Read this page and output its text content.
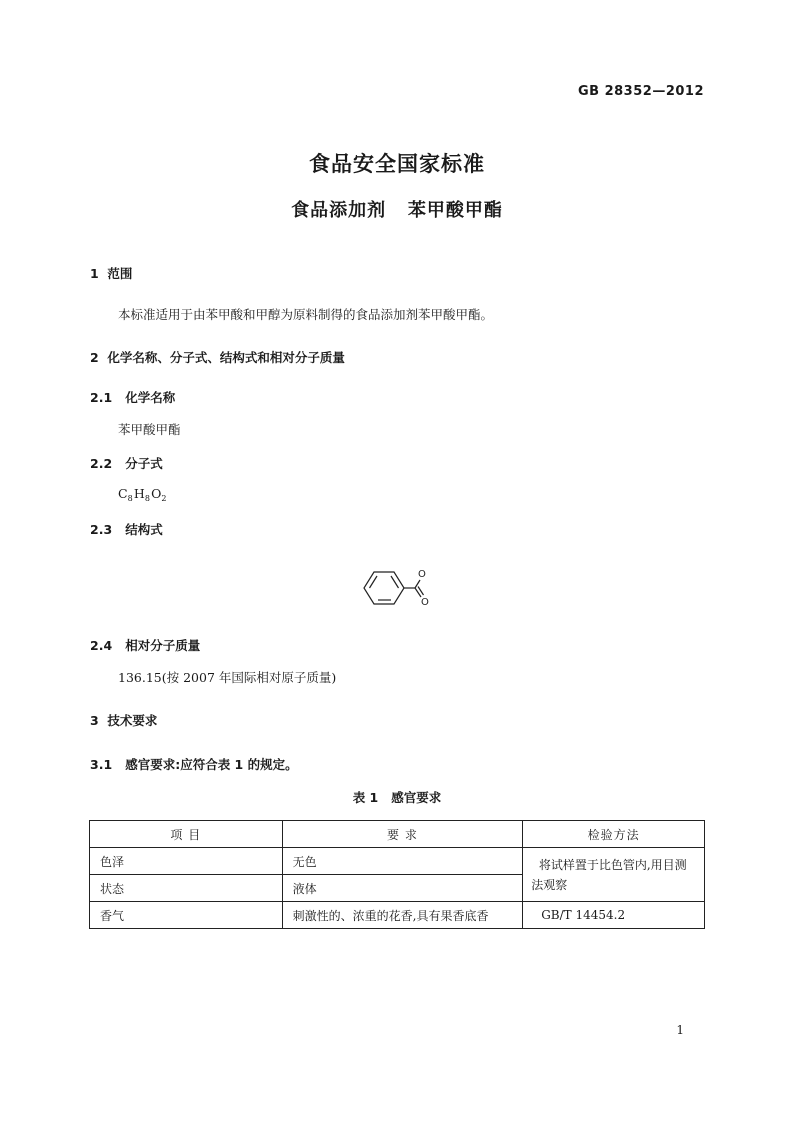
GB 28352—2012
食品安全国家标准
食品添加剂   苯甲酸甲酯
1  范围
本标准适用于由苯甲酸和甲醇为原料制得的食品添加剂苯甲酸甲酯。
2  化学名称、分子式、结构式和相对分子质量
2.1   化学名称
苯甲酸甲酯
2.2   分子式
$C_8$ $H_8$ $O_2$
2.3   结构式
O
O
2.4   相对分子质量
136.15(按 2007 年国际相对原子质量)
3  技术要求
3.1   感官要求:应符合表 1 的规定。
表 1   感官要求
项 目	要 求	检验方法
色泽	无色	将试样置于比色管内,用目测法观察
状态	液体	
香气	刺激性的、浓重的花香,具有果香底香	GB/T 14454.2
1
